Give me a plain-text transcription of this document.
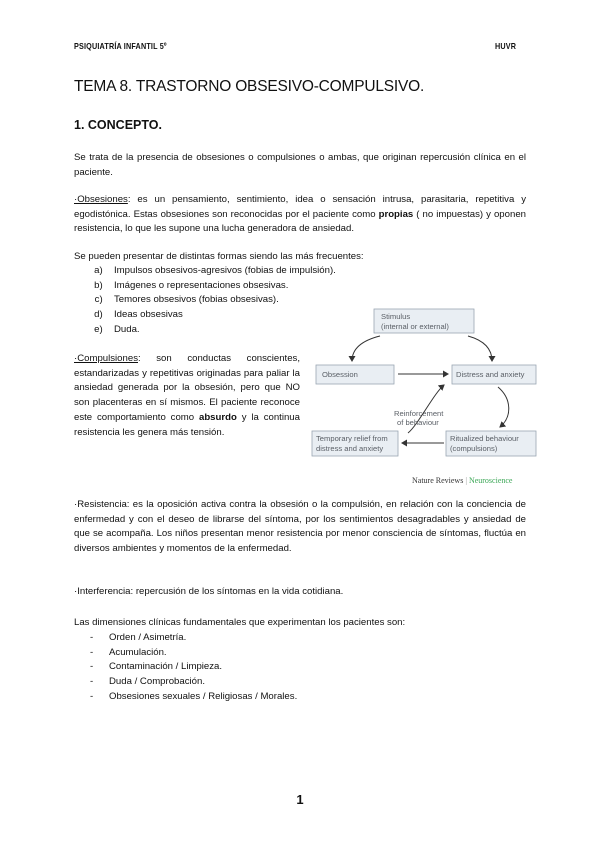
PSIQUIATRÍA INFANTIL 5º	HUVR
TEMA 8. TRASTORNO OBSESIVO-COMPULSIVO.
1. CONCEPTO.

Se trata de la presencia de obsesiones o compulsiones o ambas, que originan repercusión clínica en el paciente.

·Obsesiones: es un pensamiento, sentimiento, idea o sensación intrusa, parasitaria, repetitiva y egodistónica. Estas obsesiones son reconocidas por el paciente como propias ( no impuestas) y oponen resistencia, lo que les supone una lucha generadora de ansiedad.

Se pueden presentar de distintas formas siendo las más frecuentes:

a. Impulsos obsesivos-agresivos (fobias de impulsión).
b. Imágenes o representaciones obsesivas.
c. Temores obsesivos (fobias obsesivas).
d. Ideas obsesivas
e. Duda.

·Compulsiones: son conductas conscientes, estandarizadas y repetitivas originadas para paliar la ansiedad generada por la obsesión, pero que NO son placenteras en sí mismos. El paciente reconoce este comportamiento como absurdo y la continua resistencia les genera más tensión.

Stimulus
(internal or external)
Obsession	Distress and anxiety
Reinforcement
of behaviour
Temporary relief from
distress and anxiety
Ritualized behaviour
(compulsions)
Nature Reviews | Neuroscience

·Resistencia: es la oposición activa contra la obsesión o la compulsión, en relación con la conciencia de enfermedad y con el deseo de librarse del síntoma, por los sentimientos desagradables y ansiedad de que se acompaña. Los niños presentan menor resistencia por menor consciencia de síntomas, fluctúa en diversos ambientes y momentos de la enfermedad.

·Interferencia: repercusión de los síntomas en la vida cotidiana.

Las dimensiones clínicas fundamentales que experimentan los pacientes son:

- Orden / Asimetría.
- Acumulación.
- Contaminación / Limpieza.
- Duda / Comprobación.
- Obsesiones sexuales / Religiosas / Morales.
1
